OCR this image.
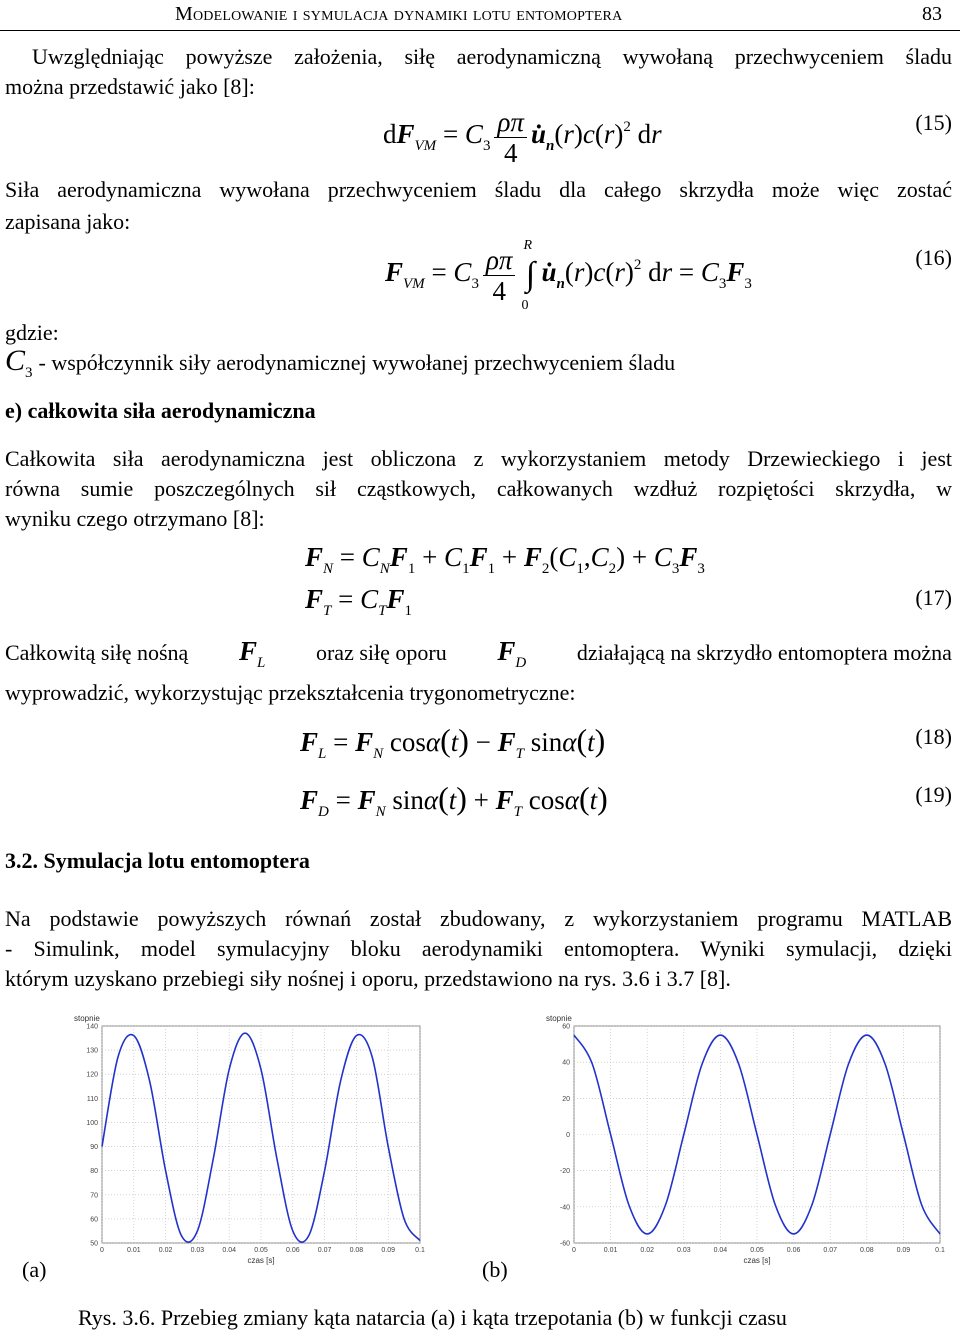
Modelowanie i symulacja dynamiki lotu entomoptera	83
Uwzględniając powyższe założenia, siłę aerodynamiczną wywołaną przechwyceniem śladu
można przedstawić jako [8]:
$dF_{VM} = C_3 \frac{\rho\pi}{4}$ $u̇_n(r)c(r)^2$ dr	(15)
Siła aerodynamiczna wywołana przechwyceniem śladu dla całego skrzydła może więc zostać
zapisana jako:
$F_{VM} = C_3 \frac{\rho\pi}{4}$ ∫
R
0
$u̇_n(r)c(r)^2$ dr = $C_3F_3$
(16)
gdzie:
$C_3$ - współczynnik siły aerodynamicznej wywołanej przechwyceniem śladu
e) całkowita siła aerodynamiczna
Całkowita siła aerodynamiczna jest obliczona z wykorzystaniem metody Drzewieckiego i jest
równa sumie poszczególnych sił cząstkowych, całkowanych wzdłuż rozpiętości skrzydła, w
wyniku czego otrzymano [8]:
$F_N = C_NF_1 + C_1F_1 + F_2(C_1,C_2) + C_3F_3$
$F_T = C_TF_1$
(17)
Całkowitą siłę nośną $F_L$ oraz siłę oporu $F_D$ działającą na skrzydło entomoptera można
wyprowadzić, wykorzystując przekształcenia trygonometryczne:
$F_L = F_N$ $\cos\alpha(t) - F_T$ sinα(t)	(18)
$F_D = F_N$ $\sin\alpha(t) + F_T$ cosα(t)	(19)
3.2. Symulacja lotu entomoptera
Na podstawie powyższych równań został zbudowany, z wykorzystaniem programu MATLAB
- Simulink, model symulacyjny bloku aerodynamiki entomoptera. Wyniki symulacji, dzięki
którym uzyskano przebiegi siły nośnej i oporu, przedstawiono na rys. 3.6 i 3.7 [8].
50
60
70
80
90
100
110
120
130
140
0	0.01	0.02	0.03	0.04	0.05	0.06	0.07	0.08	0.09	0.1
stopnie
czas [s]
-60
-40
-20
0
20
40
60
0	0.01	0.02	0.03	0.04	0.05	0.06	0.07	0.08	0.09	0.1
stopnie
czas [s]
(a)	(b)
Rys. 3.6. Przebieg zmiany kąta natarcia (a) i kąta trzepotania (b) w funkcji czasu
